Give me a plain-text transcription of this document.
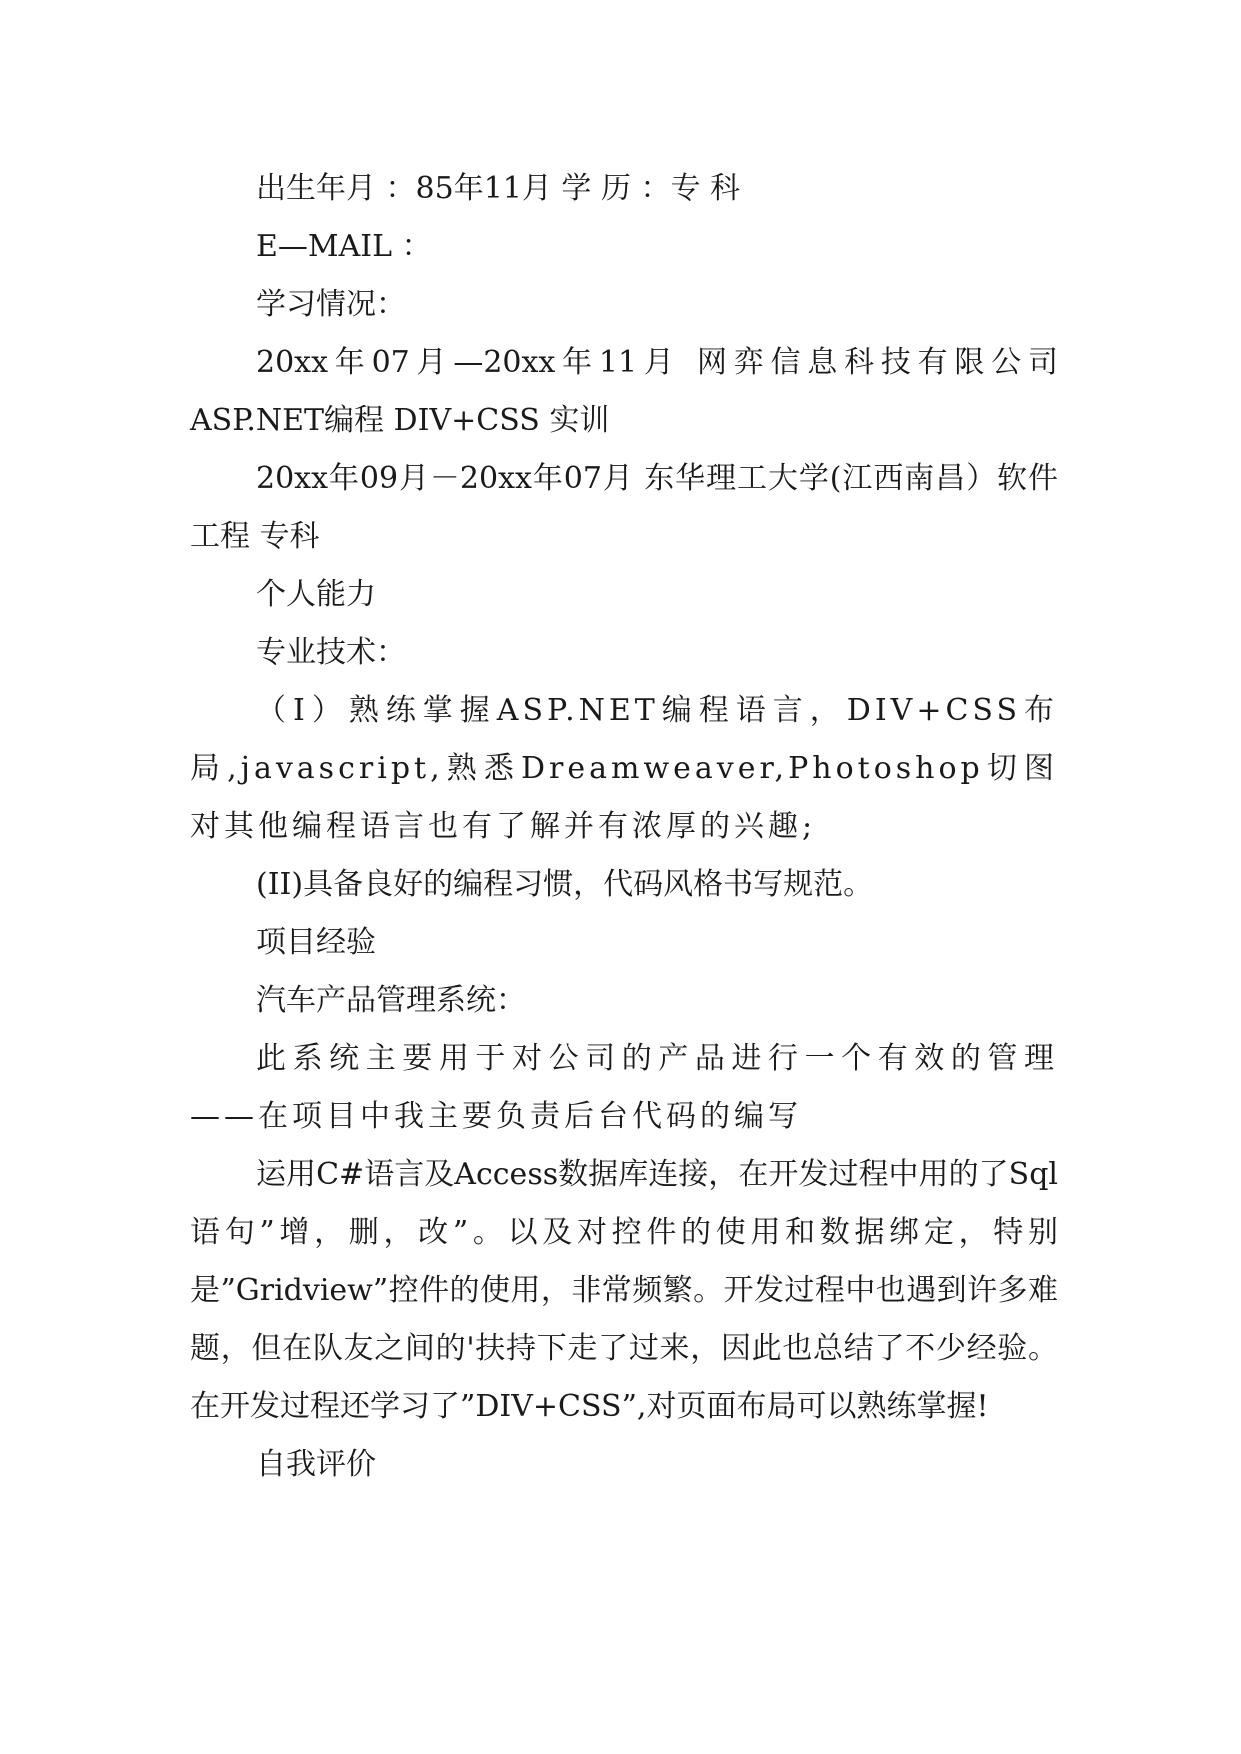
出生年月 ：85年11月 学 历 ：专 科

E—MAIL ：

学习情况：

20xx年07月—20xx年11月 网弈信息科技有限公司ASP.NET编程 DIV+CSS 实训

20xx年09月－20xx年07月 东华理工大学(江西南昌）软件工程 专科

个人能力

专业技术：

（Ⅰ）熟练掌握ASP.NET编程语言，DIV+CSS布局,javascript,熟悉Dreamweaver,Photoshop切图对其他编程语言也有了解并有浓厚的兴趣;

(II)具备良好的编程习惯，代码风格书写规范。

项目经验

汽车产品管理系统：

此系统主要用于对公司的产品进行一个有效的管理——在项目中我主要负责后台代码的编写

运用C#语言及Access数据库连接，在开发过程中用的了Sql语句”增，删，改”。以及对控件的使用和数据绑定，特别是”Gridview”控件的使用，非常频繁。开发过程中也遇到许多难题，但在队友之间的'扶持下走了过来，因此也总结了不少经验。在开发过程还学习了”DIV+CSS”,对页面布局可以熟练掌握!

自我评价
